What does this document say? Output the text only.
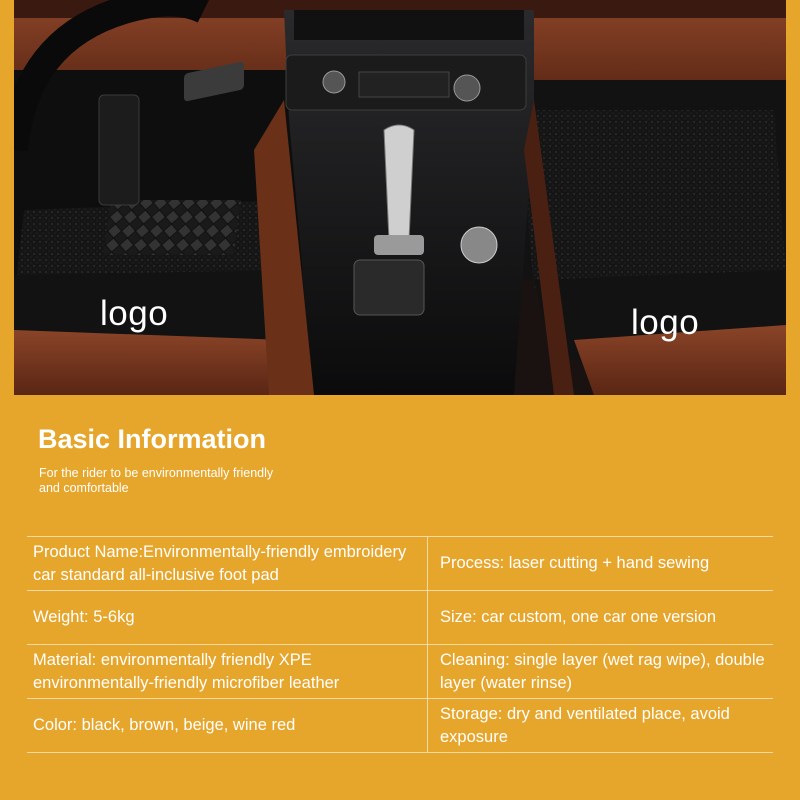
logo	logo
Basic Information
For the rider to be environmentally friendly and comfortable
Product Name:Environmentally-friendly embroidery car standard all-inclusive foot pad
Process: laser cutting + hand sewing
Weight: 5-6kg	Size: car custom, one car one version
Material: environmentally friendly XPE environmentally-friendly microfiber leather
Cleaning: single layer (wet rag wipe), double layer (water rinse)
Color: black, brown, beige, wine red
Storage: dry and ventilated place, avoid exposure
